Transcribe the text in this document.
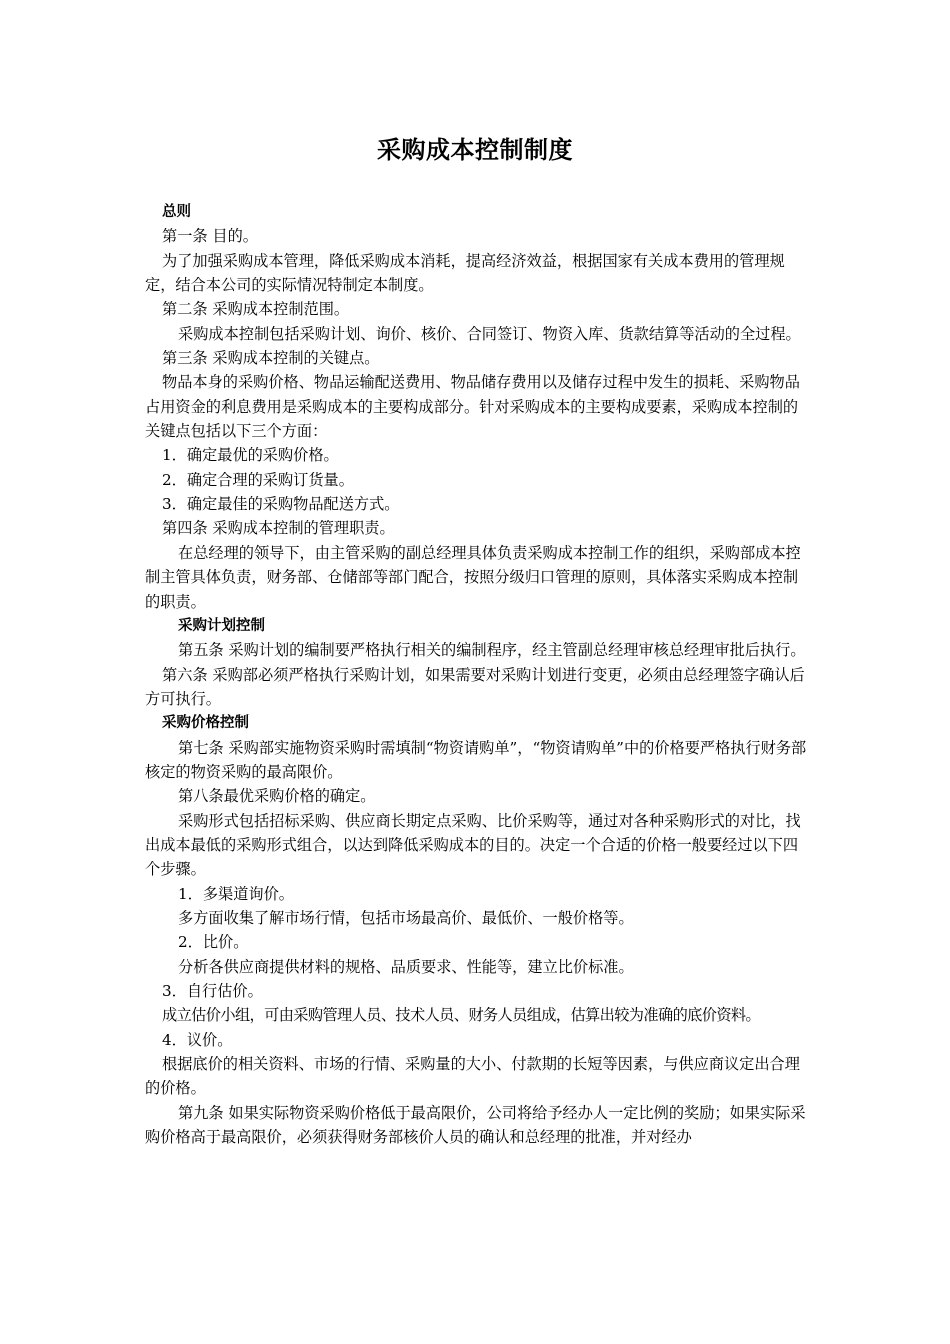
采购成本控制制度
总则
第一条 目的。
为了加强采购成本管理，降低采购成本消耗，提高经济效益，根据国家有关成本费用的管理规定，结合本公司的实际情况特制定本制度。
第二条 采购成本控制范围。
采购成本控制包括采购计划、询价、核价、合同签订、物资入库、货款结算等活动的全过程。
第三条 采购成本控制的关键点。
物品本身的采购价格、物品运输配送费用、物品储存费用以及储存过程中发生的损耗、采购物品占用资金的利息费用是采购成本的主要构成部分。针对采购成本的主要构成要素，采购成本控制的关键点包括以下三个方面：
1．确定最优的采购价格。
2．确定合理的采购订货量。
3．确定最佳的采购物品配送方式。
第四条 采购成本控制的管理职责。
在总经理的领导下，由主管采购的副总经理具体负责采购成本控制工作的组织，采购部成本控制主管具体负责，财务部、仓储部等部门配合，按照分级归口管理的原则，具体落实采购成本控制的职责。
采购计划控制
第五条 采购计划的编制要严格执行相关的编制程序，经主管副总经理审核总经理审批后执行。
第六条 采购部必须严格执行采购计划，如果需要对采购计划进行变更，必须由总经理签字确认后方可执行。
采购价格控制
第七条 采购部实施物资采购时需填制“物资请购单”，“物资请购单”中的价格要严格执行财务部核定的物资采购的最高限价。
第八条最优采购价格的确定。
采购形式包括招标采购、供应商长期定点采购、比价采购等，通过对各种采购形式的对比，找出成本最低的采购形式组合，以达到降低采购成本的目的。决定一个合适的价格一般要经过以下四个步骤。
1．多渠道询价。
多方面收集了解市场行情，包括市场最高价、最低价、一般价格等。
2．比价。
分析各供应商提供材料的规格、品质要求、性能等，建立比价标准。
3．自行估价。
成立估价小组，可由采购管理人员、技术人员、财务人员组成，估算出较为准确的底价资料。
4．议价。
根据底价的相关资料、市场的行情、采购量的大小、付款期的长短等因素，与供应商议定出合理的价格。
第九条 如果实际物资采购价格低于最高限价，公司将给予经办人一定比例的奖励；如果实际采购价格高于最高限价，必须获得财务部核价人员的确认和总经理的批准，并对经办
